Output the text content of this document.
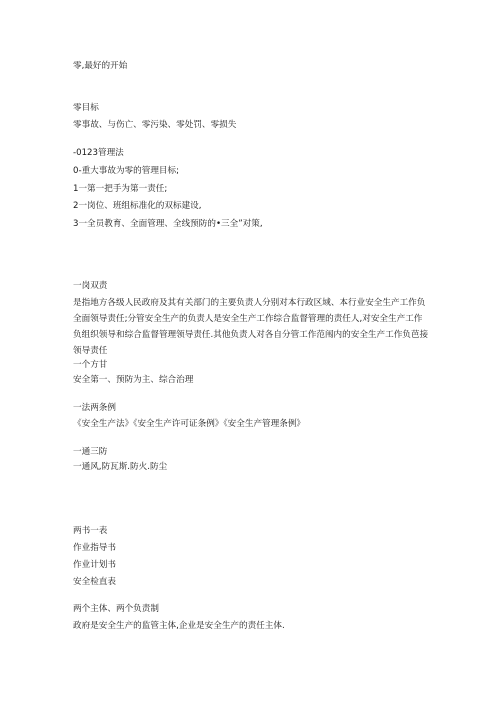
零,最好的开始
零目标
零事故、与伤亡、零污染、零处罚、零损失
-0123管理法
0-重大事故为零的管理目标;
1一第一把手为第一责任;
2一岗位、班组标准化的双标建设,
3一全员教育、全面管理、全线预防的•三全”对策,
一岗双责
是指地方各级人民政府及其有关部门的主要负责人分别对本行政区域、本行业安全生产工作负全面领导责任;分管安全生产的负责人是安全生产工作综合监督管理的责任人,对安全生产工作负组织领导和综合监督管理领导责任.其他负责人对各自分管工作范闱内的安全生产工作负芭接领导责任
一个方甘
安全第一、预防为主、综合治理
一法两条例
《安全生产法》《安全生产许可证条例》《安全生产管理条例》
一通三防
一通风,防瓦斯.防火.防尘
两书一表
作业指导书
作业计划书
安全检直表
两个主体、两个负责制
政府是安全生产的监管主体,企业是安全生产的责任主体.
